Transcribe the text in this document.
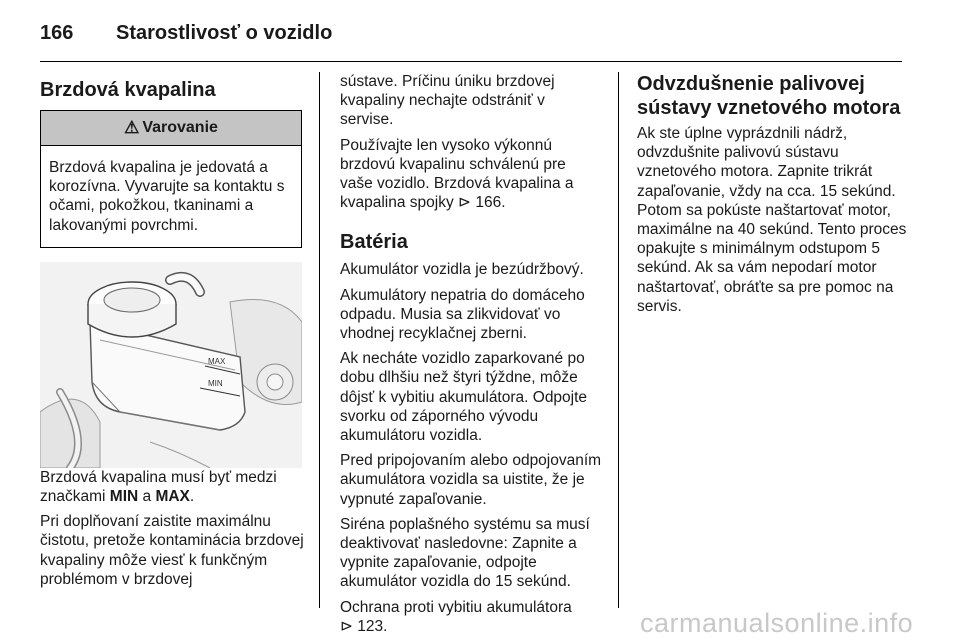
166	Starostlivosť o vozidlo
Brzdová kvapalina
⚠ Varovanie
Brzdová kvapalina je jedovatá a korozívna. Vyvarujte sa kontaktu s očami, pokožkou, tkaninami a lakovanými povrchmi.
MAX
MIN

Brzdová kvapalina musí byť medzi značkami MIN a MAX.

Pri doplňovaní zaistite maximálnu čistotu, pretože kontaminácia brzdovej kvapaliny môže viesť k funkčným problémom v brzdovej

sústave. Príčinu úniku brzdovej kvapaliny nechajte odstrániť v servise.

Používajte len vysoko výkonnú brzdovú kvapalinu schválenú pre vaše vozidlo. Brzdová kvapalina a kvapalina spojky ⊳ 166.

Batéria

Akumulátor vozidla je bezúdržbový.

Akumulátory nepatria do domáceho odpadu. Musia sa zlikvidovať vo vhodnej recyklačnej zberni.

Ak necháte vozidlo zaparkované po dobu dlhšiu než štyri týždne, môže dôjsť k vybitiu akumulátora. Odpojte svorku od záporného vývodu akumulátoru vozidla.

Pred pripojovaním alebo odpojovaním akumulátora vozidla sa uistite, že je vypnuté zapaľovanie.

Siréna poplašného systému sa musí deaktivovať nasledovne: Zapnite a vypnite zapaľovanie, odpojte akumulátor vozidla do 15 sekúnd.

Ochrana proti vybitiu akumulátora
⊳ 123.

Odvzdušnenie palivovej sústavy vznetového motora

Ak ste úplne vyprázdnili nádrž, odvzdušnite palivovú sústavu vznetového motora. Zapnite trikrát zapaľovanie, vždy na cca. 15 sekúnd. Potom sa pokúste naštartovať motor, maximálne na 40 sekúnd. Tento proces opakujte s minimálnym odstupom 5 sekúnd. Ak sa vám nepodarí motor naštartovať, obráťte sa pre pomoc na servis.

carmanualsonline.info
